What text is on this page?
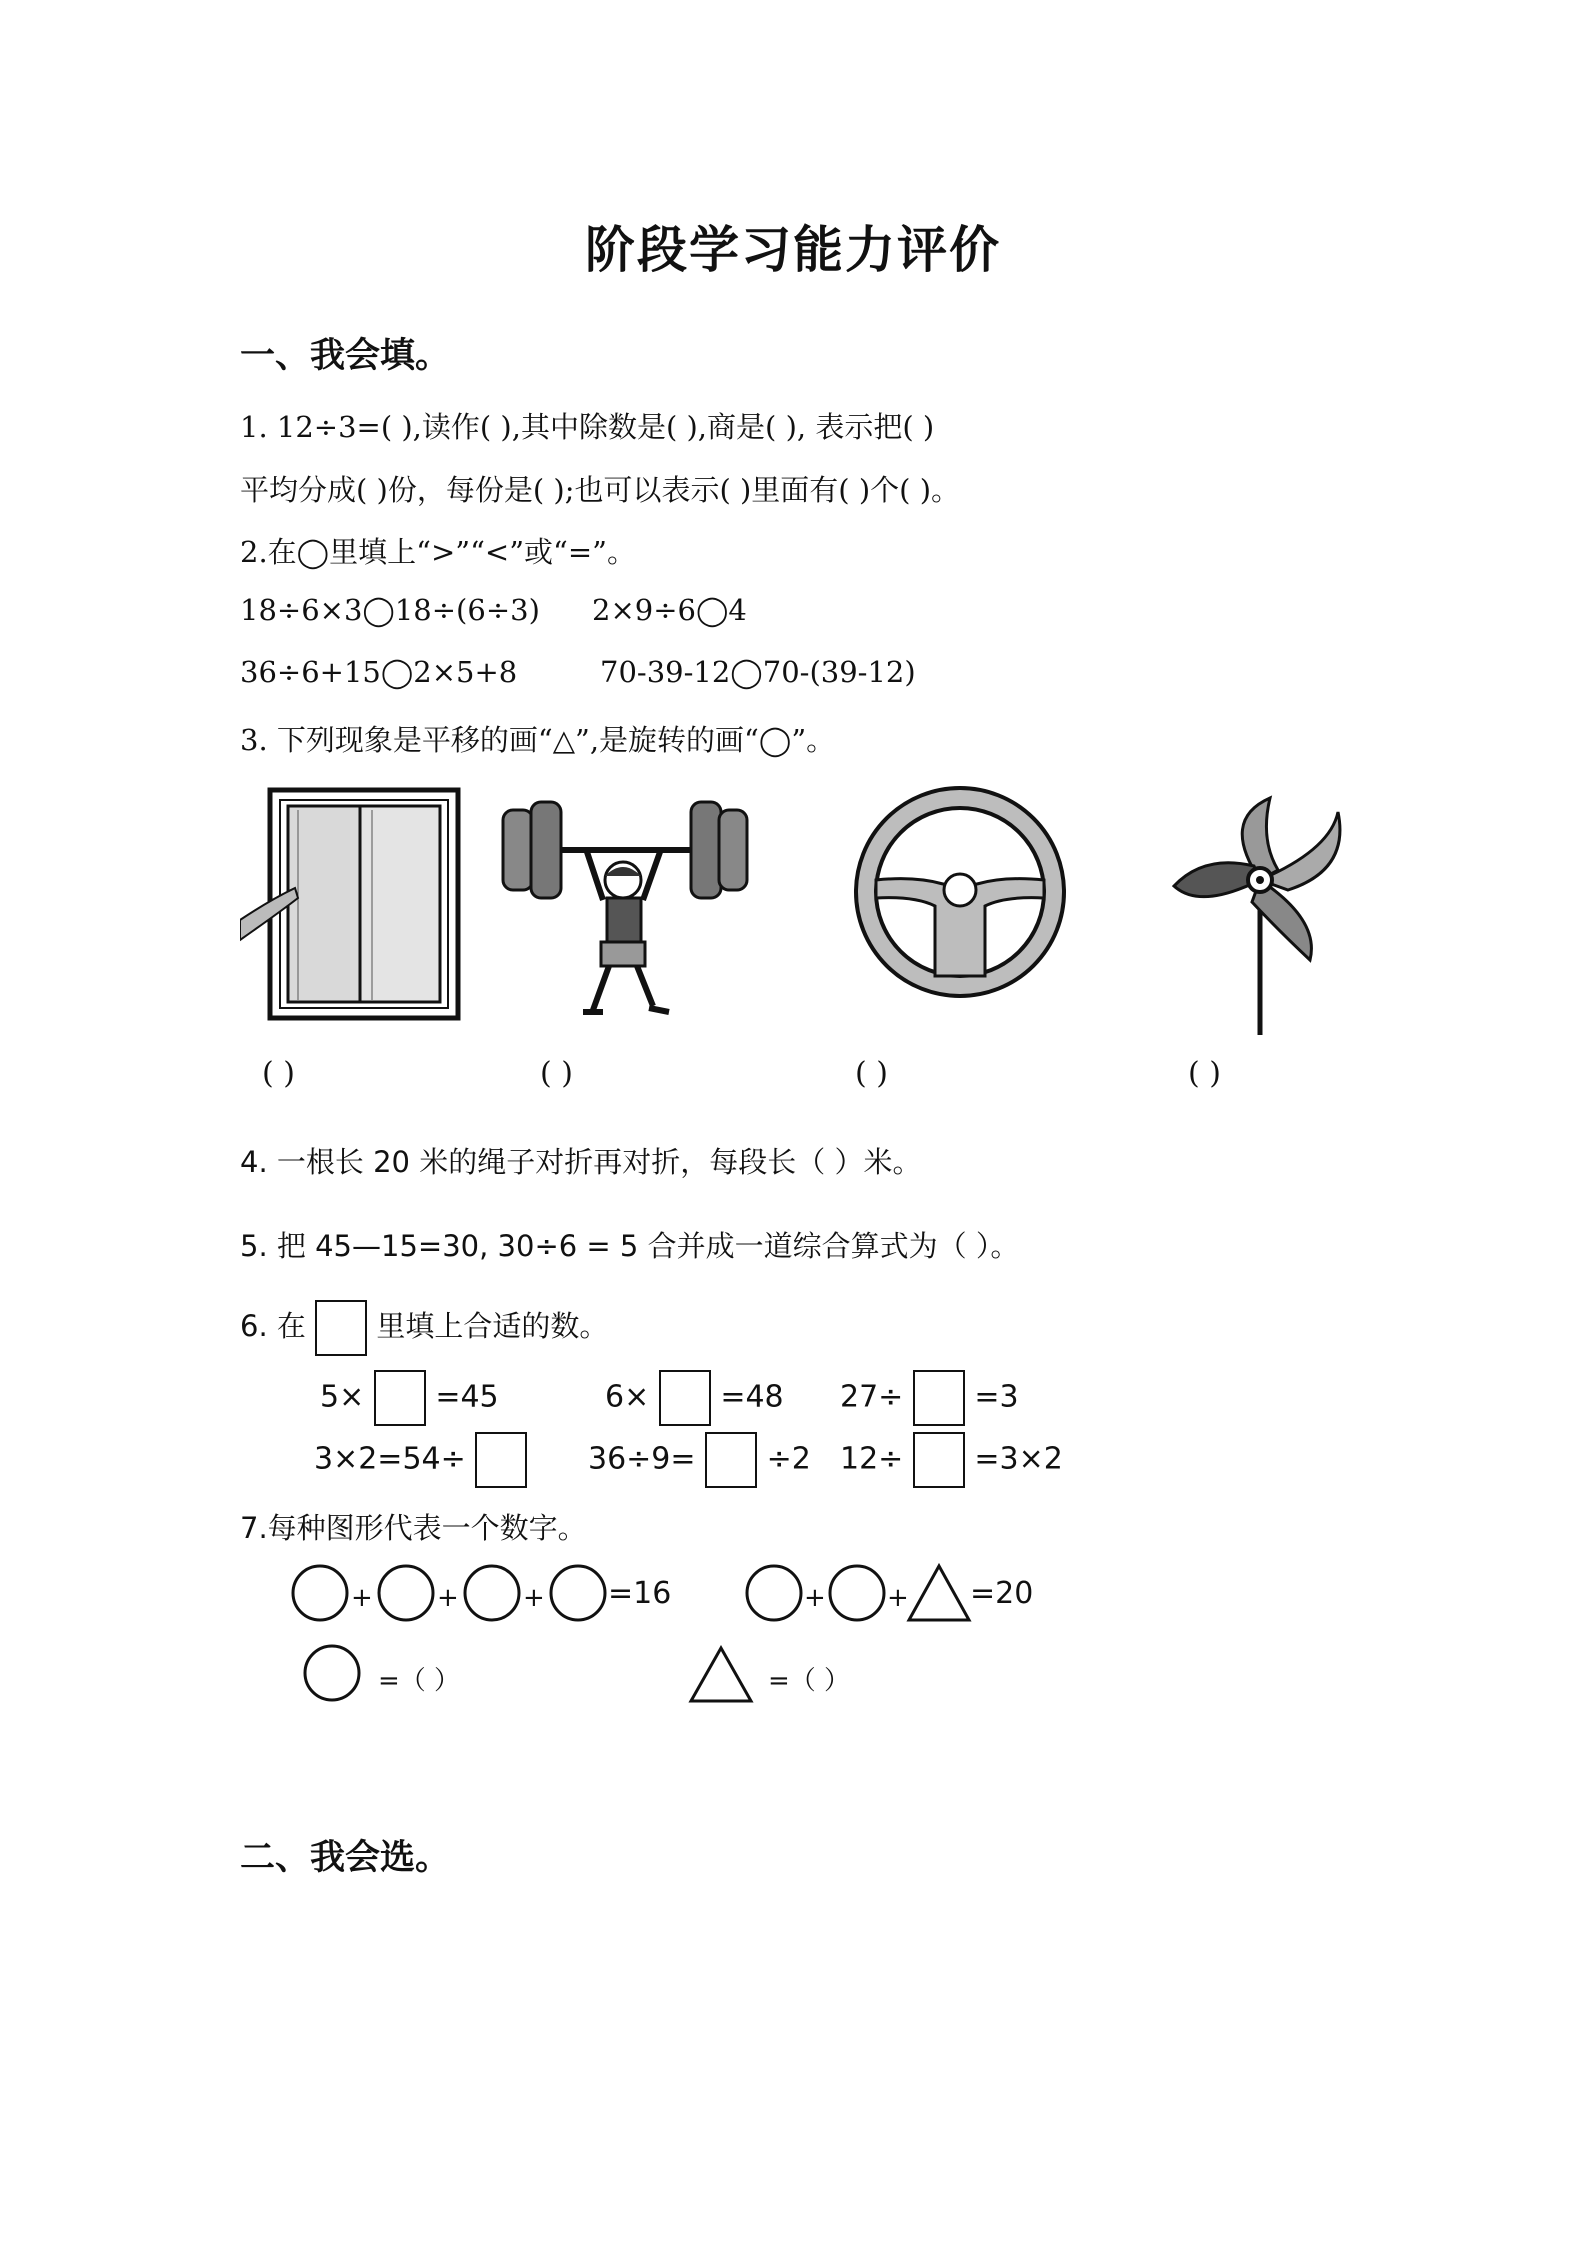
阶段学习能力评价
一、我会填。
1. 12÷3=( ),读作( ),其中除数是( ),商是( ), 表示把( )
平均分成( )份，每份是( );也可以表示( )里面有( )个( )。
2.在◯里填上“>”“<”或“=”。
18÷6×3◯18÷(6÷3) 2×9÷6◯4
36÷6+15◯2×5+8	70-39-12◯70-(39-12)
3. 下列现象是平移的画“△”,是旋转的画“◯”。
( )	( )	( )	( )
4. 一根长 20 米的绳子对折再对折，每段长（ ）米。
5. 把 45—15=30, 30÷6 = 5 合并成一道综合算式为（ ）。
6. 在 里填上合适的数。
5× =45	6× =48 27÷ =3
3×2=54÷	36÷9= ÷2 12÷ =3×2
7.每种图形代表一个数字。
+ + + =16	+ + =20
=（ ）	=（ ）
二、我会选。
